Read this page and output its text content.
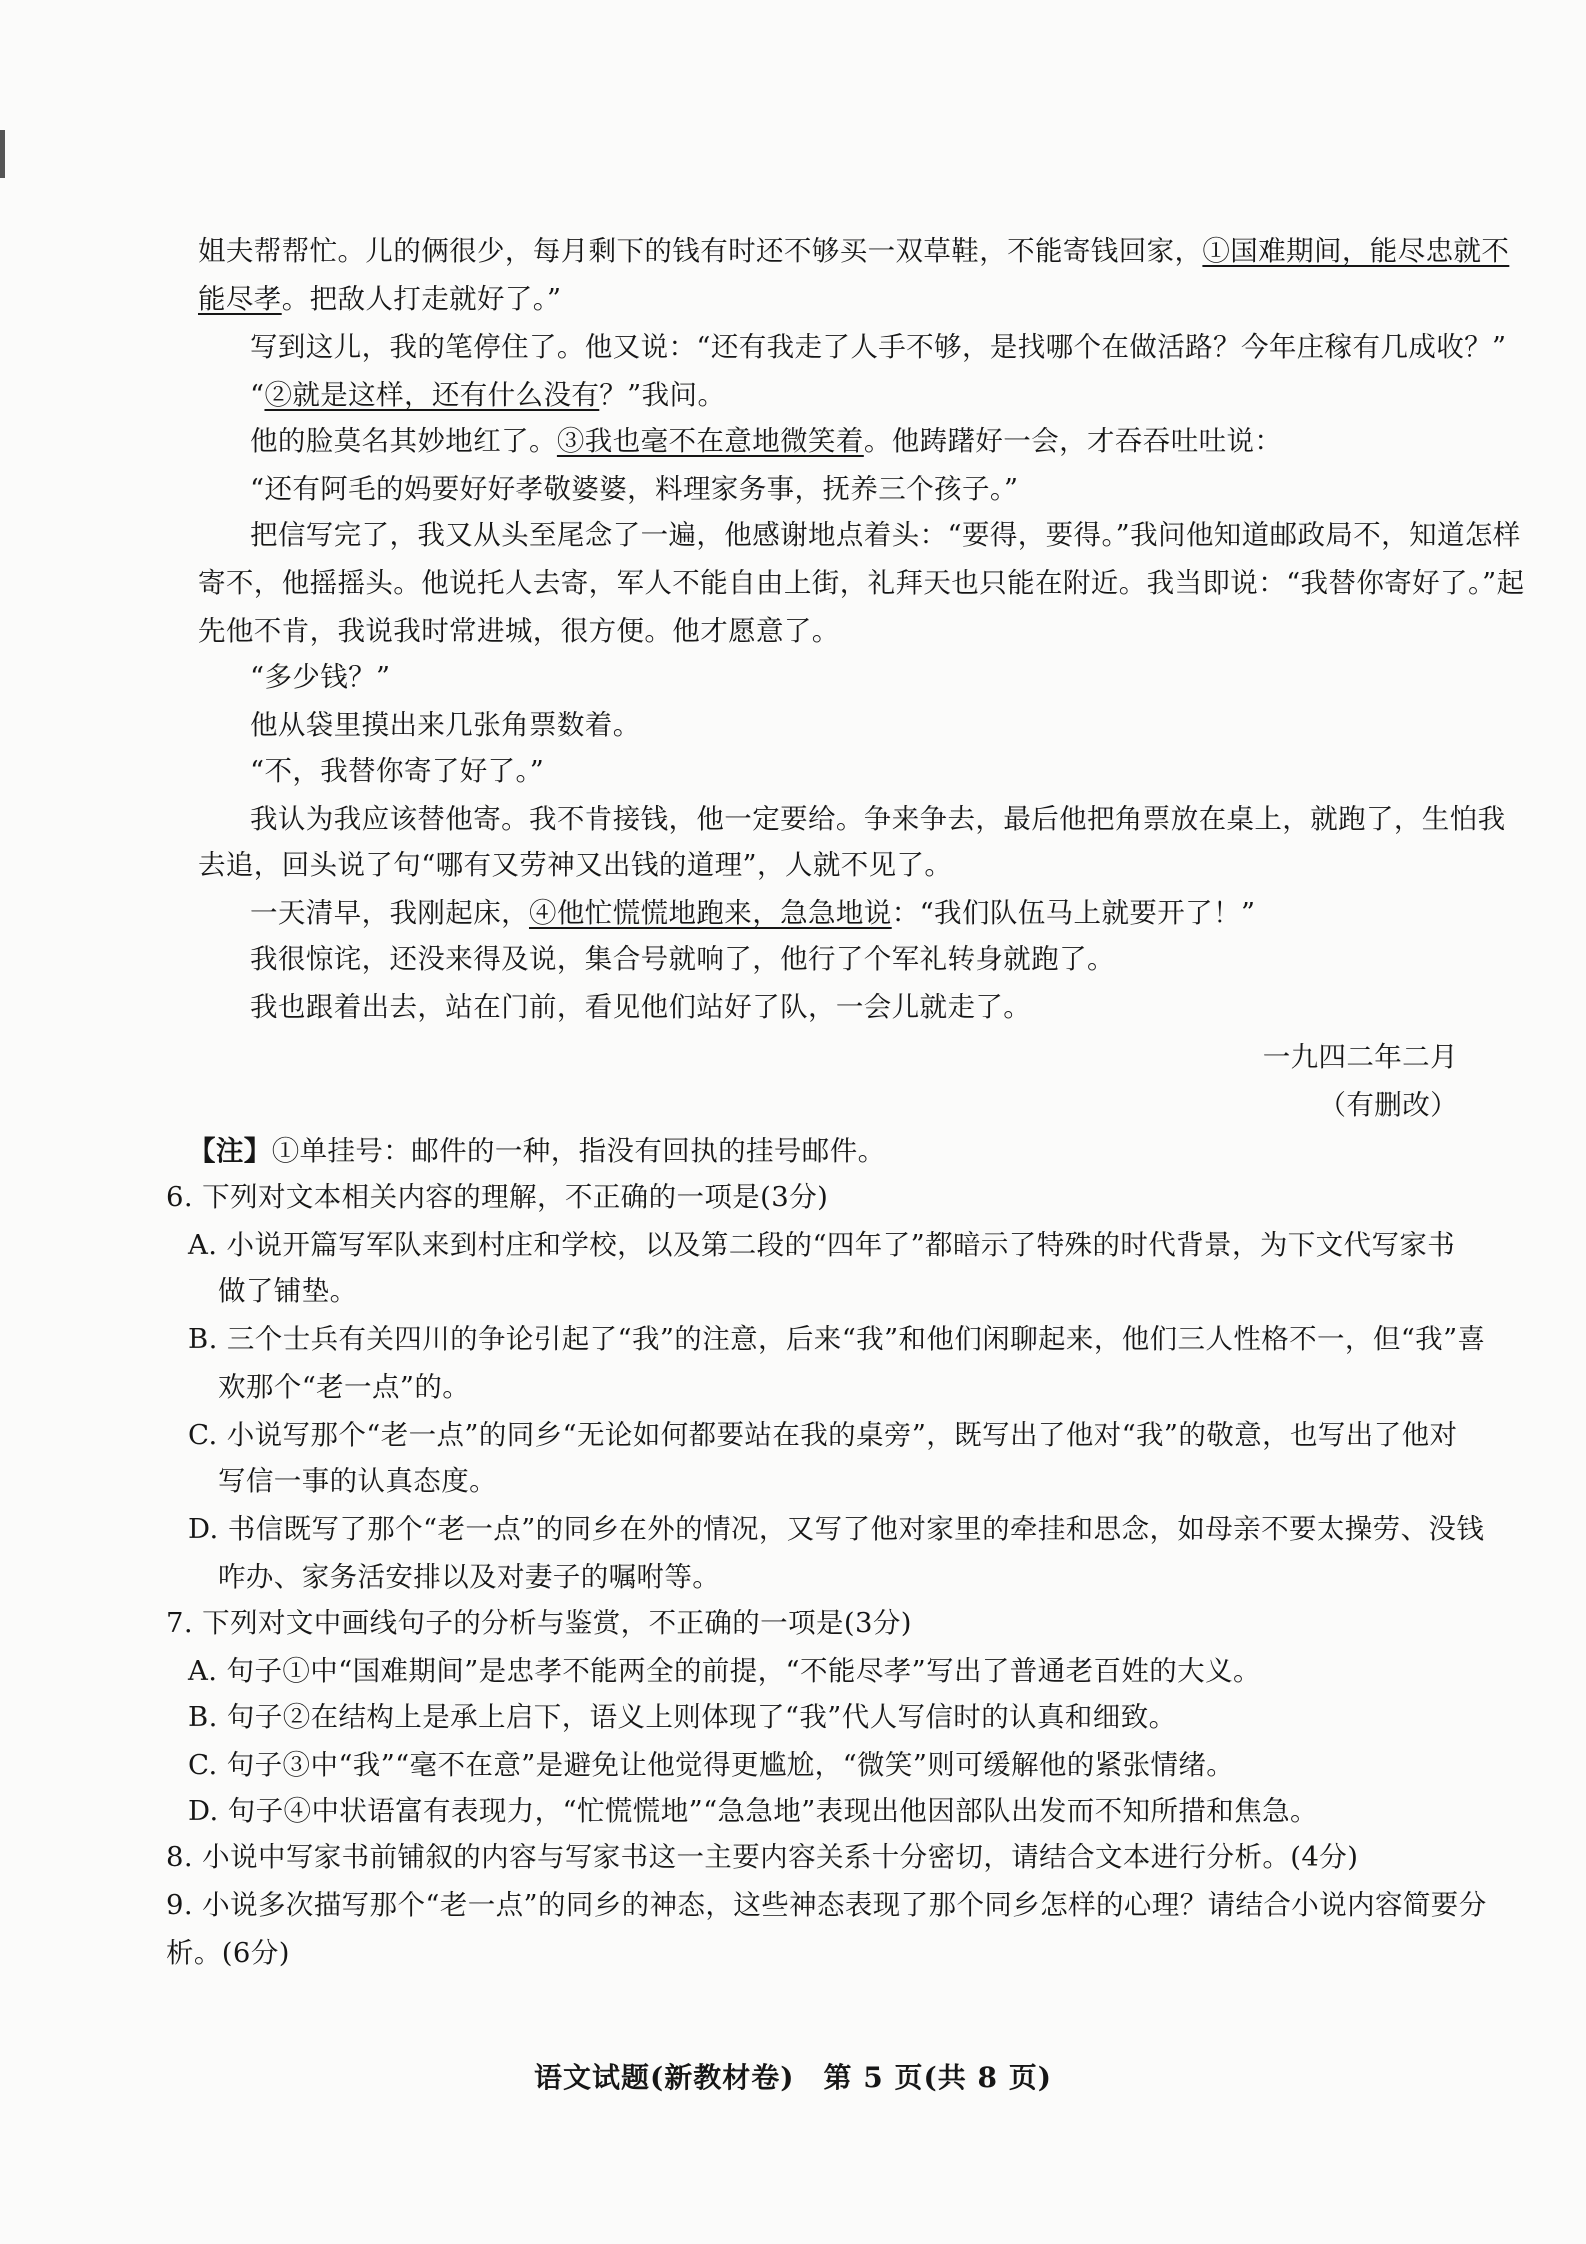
姐夫帮帮忙。儿的俩很少，每月剩下的钱有时还不够买一双草鞋，不能寄钱回家，①国难期间，能尽忠就不
能尽孝。把敌人打走就好了。”
写到这儿，我的笔停住了。他又说：“还有我走了人手不够，是找哪个在做活路？今年庄稼有几成收？”
“②就是这样，还有什么没有？”我问。
他的脸莫名其妙地红了。③我也毫不在意地微笑着。他踌躇好一会，才吞吞吐吐说：
“还有阿毛的妈要好好孝敬婆婆，料理家务事，抚养三个孩子。”
把信写完了，我又从头至尾念了一遍，他感谢地点着头：“要得，要得。”我问他知道邮政局不，知道怎样
寄不，他摇摇头。他说托人去寄，军人不能自由上街，礼拜天也只能在附近。我当即说：“我替你寄好了。”起
先他不肯，我说我时常进城，很方便。他才愿意了。
“多少钱？”
他从袋里摸出来几张角票数着。
“不，我替你寄了好了。”
我认为我应该替他寄。我不肯接钱，他一定要给。争来争去，最后他把角票放在桌上，就跑了，生怕我
去追，回头说了句“哪有又劳神又出钱的道理”，人就不见了。
一天清早，我刚起床，④他忙慌慌地跑来，急急地说：“我们队伍马上就要开了！”
我很惊诧，还没来得及说，集合号就响了，他行了个军礼转身就跑了。
我也跟着出去，站在门前，看见他们站好了队，一会儿就走了。
一九四二年二月
（有删改）
【注】①单挂号：邮件的一种，指没有回执的挂号邮件。
6. 下列对文本相关内容的理解，不正确的一项是(3分)
A. 小说开篇写军队来到村庄和学校，以及第二段的“四年了”都暗示了特殊的时代背景，为下文代写家书
做了铺垫。
B. 三个士兵有关四川的争论引起了“我”的注意，后来“我”和他们闲聊起来，他们三人性格不一，但“我”喜
欢那个“老一点”的。
C. 小说写那个“老一点”的同乡“无论如何都要站在我的桌旁”，既写出了他对“我”的敬意，也写出了他对
写信一事的认真态度。
D. 书信既写了那个“老一点”的同乡在外的情况，又写了他对家里的牵挂和思念，如母亲不要太操劳、没钱
咋办、家务活安排以及对妻子的嘱咐等。
7. 下列对文中画线句子的分析与鉴赏，不正确的一项是(3分)
A. 句子①中“国难期间”是忠孝不能两全的前提，“不能尽孝”写出了普通老百姓的大义。
B. 句子②在结构上是承上启下，语义上则体现了“我”代人写信时的认真和细致。
C. 句子③中“我”“毫不在意”是避免让他觉得更尴尬，“微笑”则可缓解他的紧张情绪。
D. 句子④中状语富有表现力，“忙慌慌地”“急急地”表现出他因部队出发而不知所措和焦急。
8. 小说中写家书前铺叙的内容与写家书这一主要内容关系十分密切，请结合文本进行分析。(4分)
9. 小说多次描写那个“老一点”的同乡的神态，这些神态表现了那个同乡怎样的心理？请结合小说内容简要分
析。(6分)
语文试题(新教材卷)　第 5 页(共 8 页)
